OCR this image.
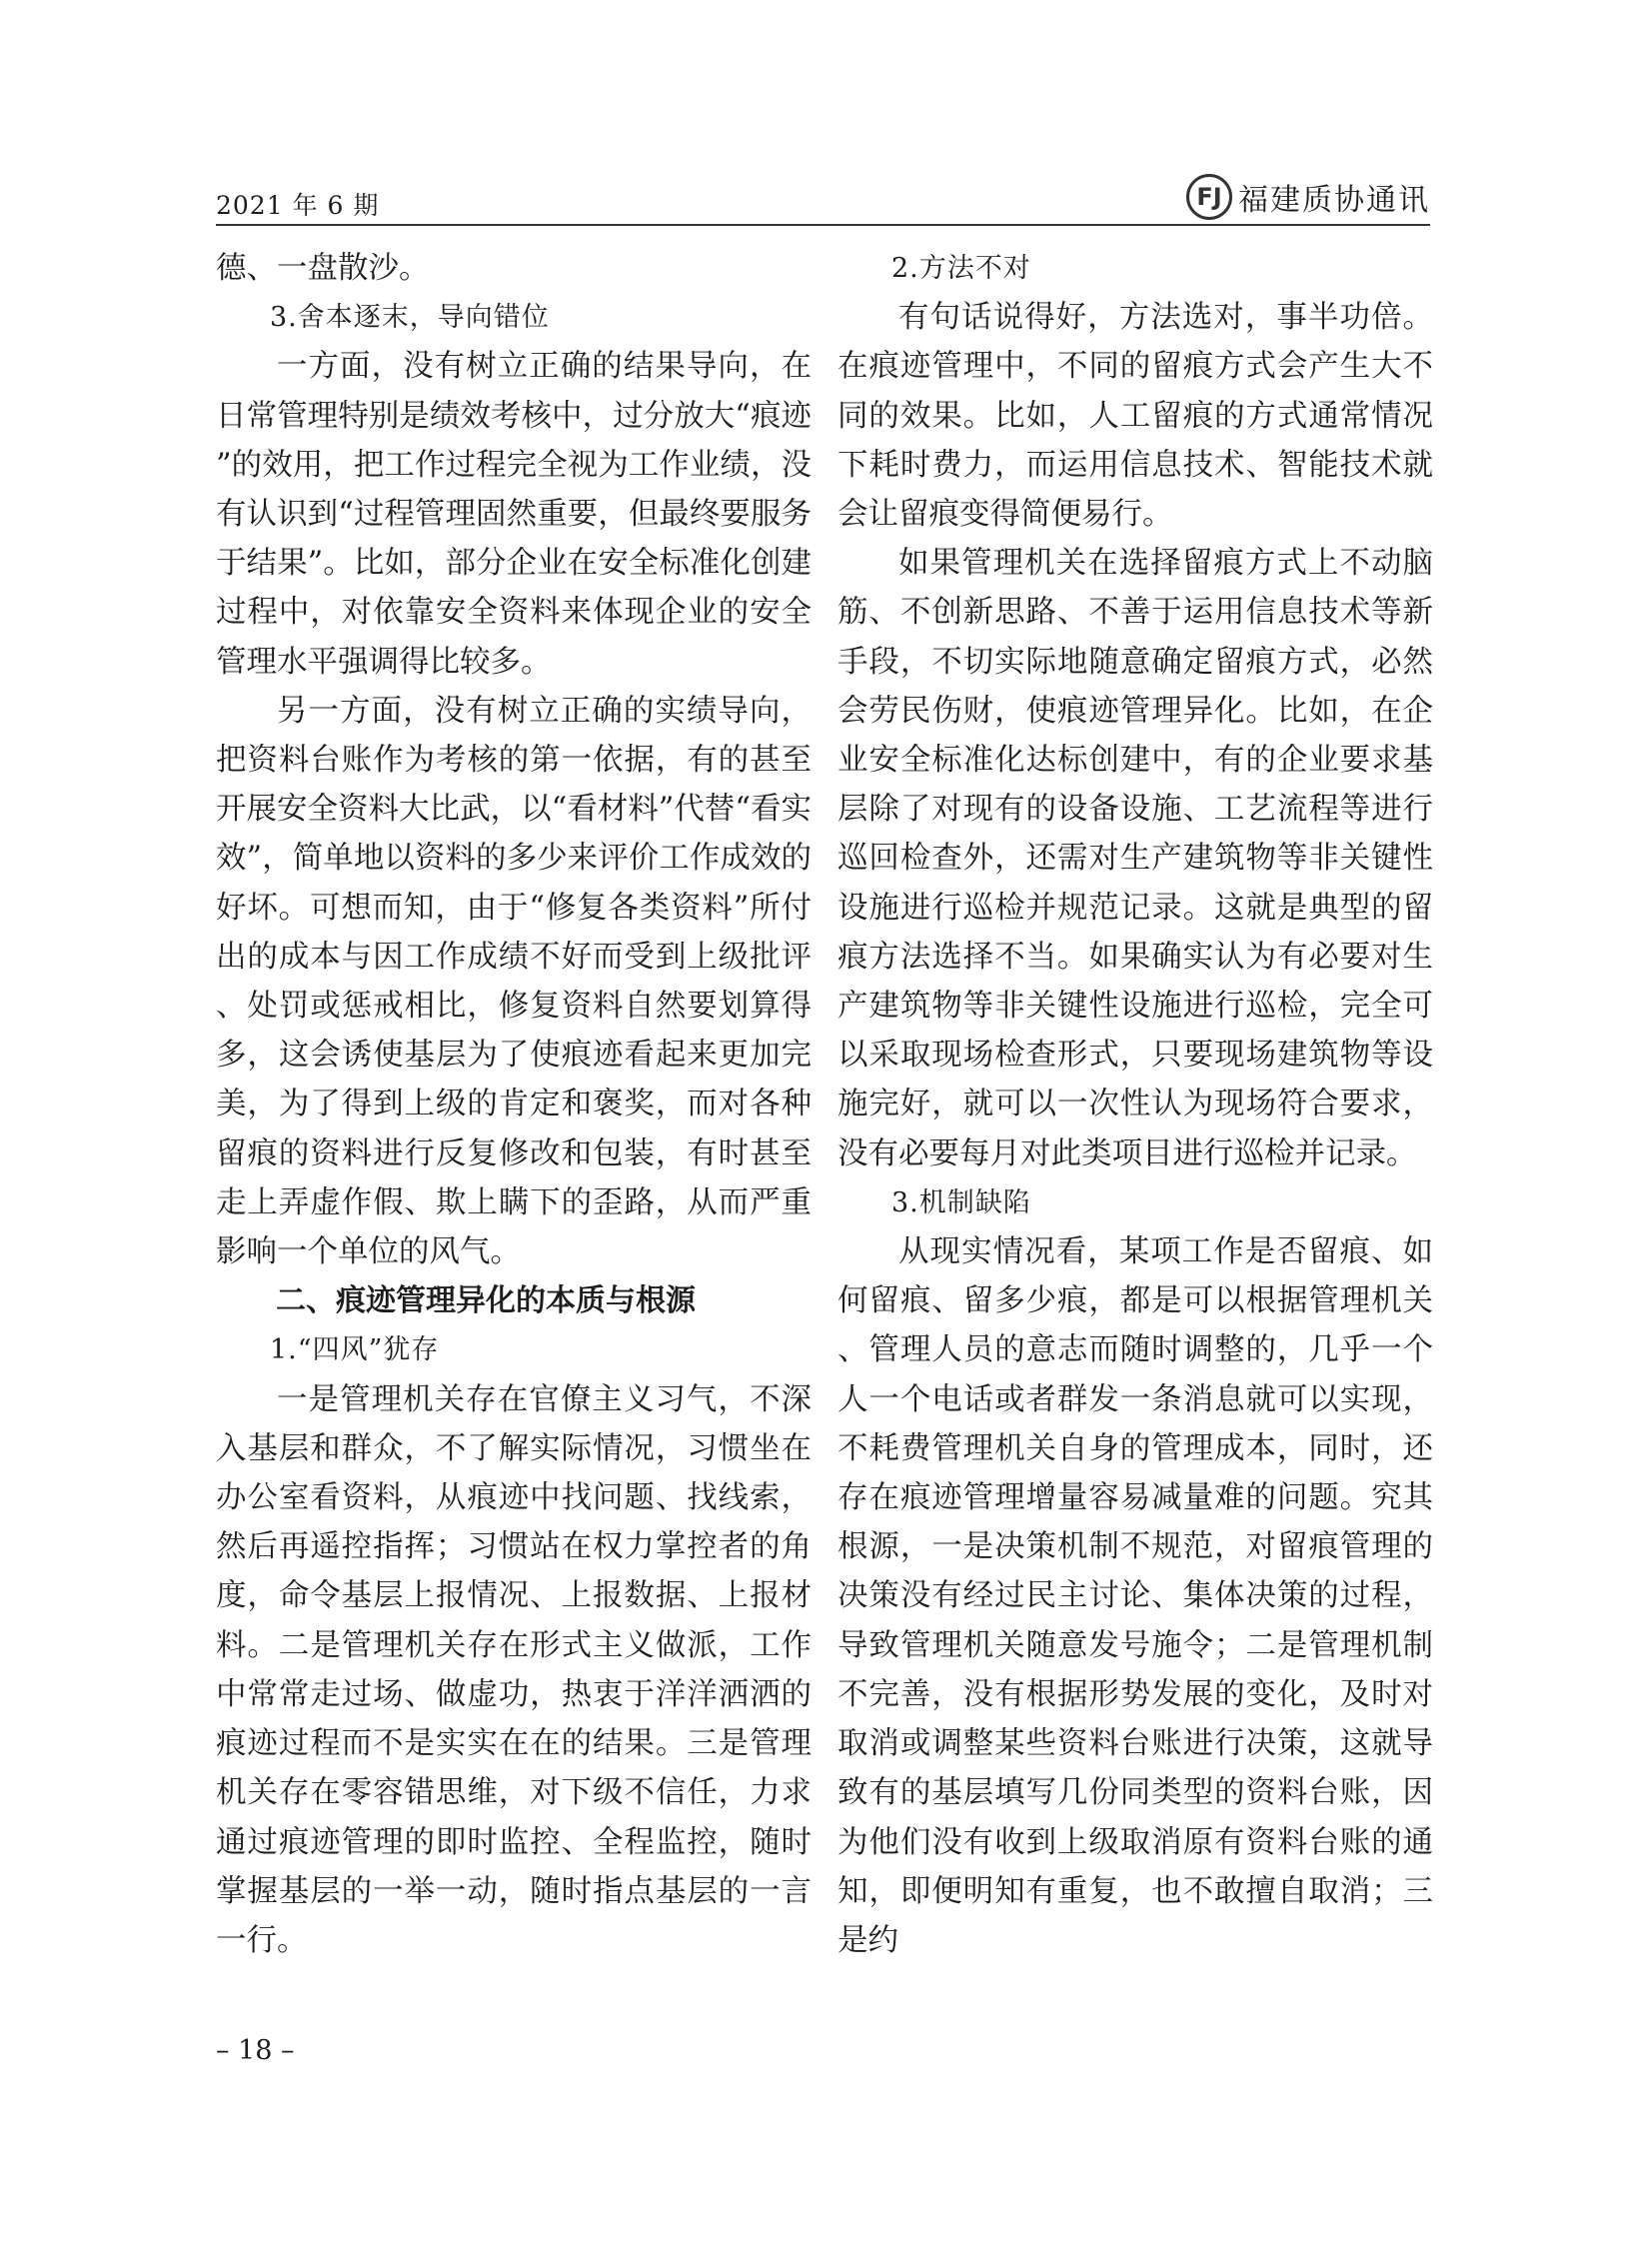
2021 年 6 期	FJ 福建质协通讯

德、一盘散沙。

3.舍本逐末，导向错位

一方面，没有树立正确的结果导向，在日常管理特别是绩效考核中，过分放大“痕迹”的效用，把工作过程完全视为工作业绩，没有认识到“过程管理固然重要，但最终要服务于结果”。比如，部分企业在安全标准化创建过程中，对依靠安全资料来体现企业的安全管理水平强调得比较多。

另一方面，没有树立正确的实绩导向，把资料台账作为考核的第一依据，有的甚至开展安全资料大比武，以“看材料”代替“看实效”，简单地以资料的多少来评价工作成效的好坏。可想而知，由于“修复各类资料”所付出的成本与因工作成绩不好而受到上级批评、处罚或惩戒相比，修复资料自然要划算得多，这会诱使基层为了使痕迹看起来更加完美，为了得到上级的肯定和褒奖，而对各种留痕的资料进行反复修改和包装，有时甚至走上弄虚作假、欺上瞒下的歪路，从而严重影响一个单位的风气。

二、痕迹管理异化的本质与根源

1.“四风”犹存

一是管理机关存在官僚主义习气，不深入基层和群众，不了解实际情况，习惯坐在办公室看资料，从痕迹中找问题、找线索，然后再遥控指挥；习惯站在权力掌控者的角度，命令基层上报情况、上报数据、上报材料。二是管理机关存在形式主义做派，工作中常常走过场、做虚功，热衷于洋洋洒洒的痕迹过程而不是实实在在的结果。三是管理机关存在零容错思维，对下级不信任，力求通过痕迹管理的即时监控、全程监控，随时掌握基层的一举一动，随时指点基层的一言一行。

2.方法不对

有句话说得好，方法选对，事半功倍。在痕迹管理中，不同的留痕方式会产生大不同的效果。比如，人工留痕的方式通常情况下耗时费力，而运用信息技术、智能技术就会让留痕变得简便易行。

如果管理机关在选择留痕方式上不动脑筋、不创新思路、不善于运用信息技术等新手段，不切实际地随意确定留痕方式，必然会劳民伤财，使痕迹管理异化。比如，在企业安全标准化达标创建中，有的企业要求基层除了对现有的设备设施、工艺流程等进行巡回检查外，还需对生产建筑物等非关键性设施进行巡检并规范记录。这就是典型的留痕方法选择不当。如果确实认为有必要对生产建筑物等非关键性设施进行巡检，完全可以采取现场检查形式，只要现场建筑物等设施完好，就可以一次性认为现场符合要求，没有必要每月对此类项目进行巡检并记录。

3.机制缺陷

从现实情况看，某项工作是否留痕、如何留痕、留多少痕，都是可以根据管理机关、管理人员的意志而随时调整的，几乎一个人一个电话或者群发一条消息就可以实现，不耗费管理机关自身的管理成本，同时，还存在痕迹管理增量容易减量难的问题。究其根源，一是决策机制不规范，对留痕管理的决策没有经过民主讨论、集体决策的过程，导致管理机关随意发号施令；二是管理机制不完善，没有根据形势发展的变化，及时对取消或调整某些资料台账进行决策，这就导致有的基层填写几份同类型的资料台账，因为他们没有收到上级取消原有资料台账的通知，即便明知有重复，也不敢擅自取消；三是约

– 18 –
